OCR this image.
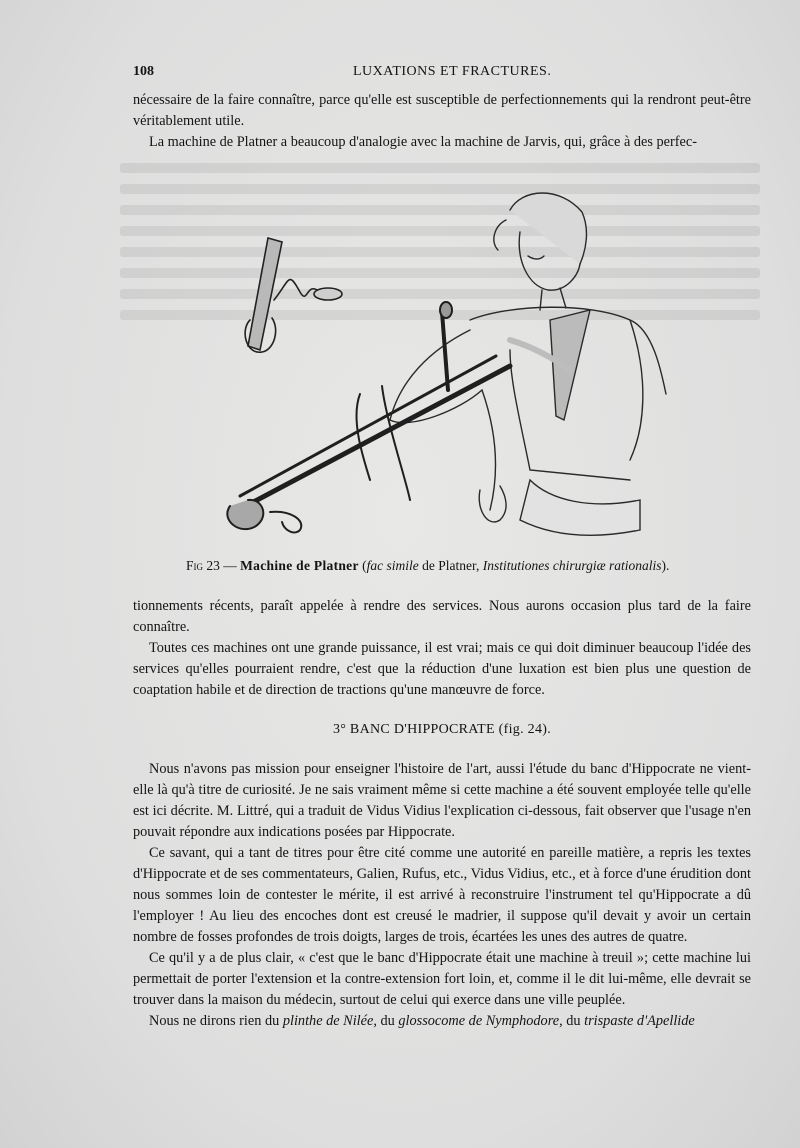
108	LUXATIONS ET FRACTURES.

nécessaire de la faire connaître, parce qu'elle est susceptible de perfectionnements qui la rendront peut-être véritablement utile.

La machine de Platner a beaucoup d'analogie avec la machine de Jarvis, qui, grâce à des perfec-

Fig 23 — Machine de Platner (fac simile de Platner, Institutiones chirurgiæ rationalis).

tionnements récents, paraît appelée à rendre des services. Nous aurons occasion plus tard de la faire connaître.

Toutes ces machines ont une grande puissance, il est vrai; mais ce qui doit diminuer beaucoup l'idée des services qu'elles pourraient rendre, c'est que la réduction d'une luxation est bien plus une question de coaptation habile et de direction de tractions qu'une manœuvre de force.

3° BANC D'HIPPOCRATE (fig. 24).

Nous n'avons pas mission pour enseigner l'histoire de l'art, aussi l'étude du banc d'Hippocrate ne vient-elle là qu'à titre de curiosité. Je ne sais vraiment même si cette machine a été souvent employée telle qu'elle est ici décrite. M. Littré, qui a traduit de Vidus Vidius l'explication ci-dessous, fait observer que l'usage n'en pouvait répondre aux indications posées par Hippocrate.

Ce savant, qui a tant de titres pour être cité comme une autorité en pareille matière, a repris les textes d'Hippocrate et de ses commentateurs, Galien, Rufus, etc., Vidus Vidius, etc., et à force d'une érudition dont nous sommes loin de contester le mérite, il est arrivé à reconstruire l'instrument tel qu'Hippocrate a dû l'employer ! Au lieu des encoches dont est creusé le madrier, il suppose qu'il devait y avoir un certain nombre de fosses profondes de trois doigts, larges de trois, écartées les unes des autres de quatre.

Ce qu'il y a de plus clair, « c'est que le banc d'Hippocrate était une machine à treuil »; cette machine lui permettait de porter l'extension et la contre-extension fort loin, et, comme il le dit lui-même, elle devrait se trouver dans la maison du médecin, surtout de celui qui exerce dans une ville peuplée.

Nous ne dirons rien du plinthe de Nilée, du glossocome de Nymphodore, du trispaste d'Apellide
